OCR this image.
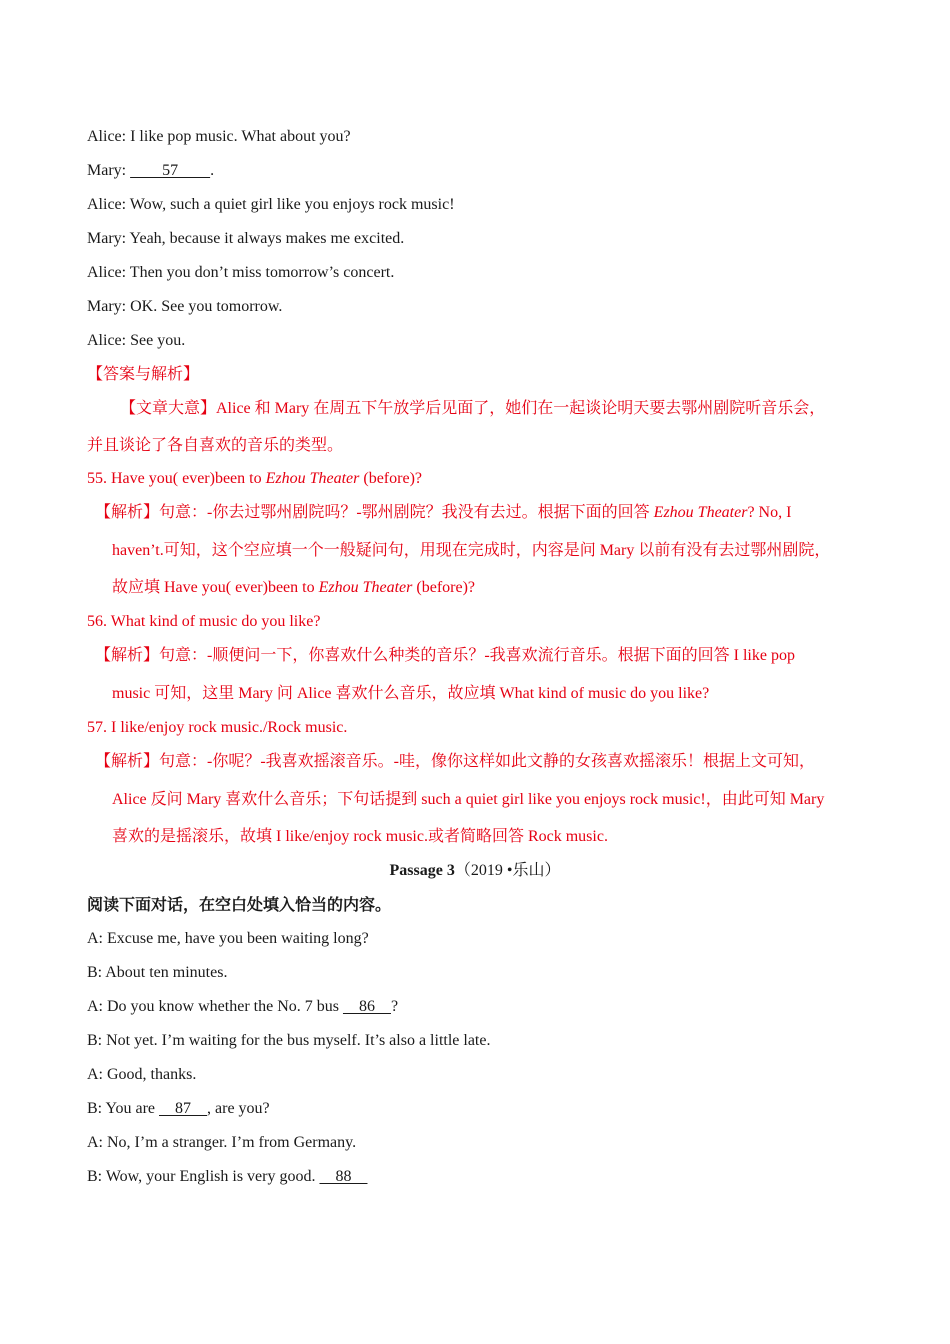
Alice: I like pop music. What about you?
Mary:         57        .
Alice: Wow, such a quiet girl like you enjoys rock music!
Mary: Yeah, because it always makes me excited.
Alice: Then you don’t miss tomorrow’s concert.
Mary: OK. See you tomorrow.
Alice: See you.
【答案与解析】
【文章大意】Alice 和 Mary 在周五下午放学后见面了，她们在一起谈论明天要去鄂州剧院听音乐会，
并且谈论了各自喜欢的音乐的类型。
55. Have you( ever)been to Ezhou Theater (before)?
【解析】句意：-你去过鄂州剧院吗？-鄂州剧院？我没有去过。根据下面的回答 Ezhou Theater? No, I
haven’t.可知，这个空应填一个一般疑问句，用现在完成时，内容是问 Mary 以前有没有去过鄂州剧院，
故应填 Have you( ever)been to Ezhou Theater (before)?
56. What kind of music do you like?
【解析】句意：-顺便问一下，你喜欢什么种类的音乐？-我喜欢流行音乐。根据下面的回答 I like pop
music 可知，这里 Mary 问 Alice 喜欢什么音乐，故应填 What kind of music do you like?
57. I like/enjoy rock music./Rock music.
【解析】句意：-你呢？-我喜欢摇滚音乐。-哇，像你这样如此文静的女孩喜欢摇滚乐！根据上文可知，
Alice 反问 Mary 喜欢什么音乐；下句话提到 such a quiet girl like you enjoys rock music!，由此可知 Mary
喜欢的是摇滚乐，故填 I like/enjoy rock music.或者简略回答 Rock music.
Passage 3（2019 •乐山）
阅读下面对话，在空白处填入恰当的内容。
A: Excuse me, have you been waiting long?
B: About ten minutes.
A: Do you know whether the No. 7 bus     86    ?
B: Not yet. I’m waiting for the bus myself. It’s also a little late.
A: Good, thanks.
B: You are     87    , are you?
A: No, I’m a stranger. I’m from Germany.
B: Wow, your English is very good.     88
